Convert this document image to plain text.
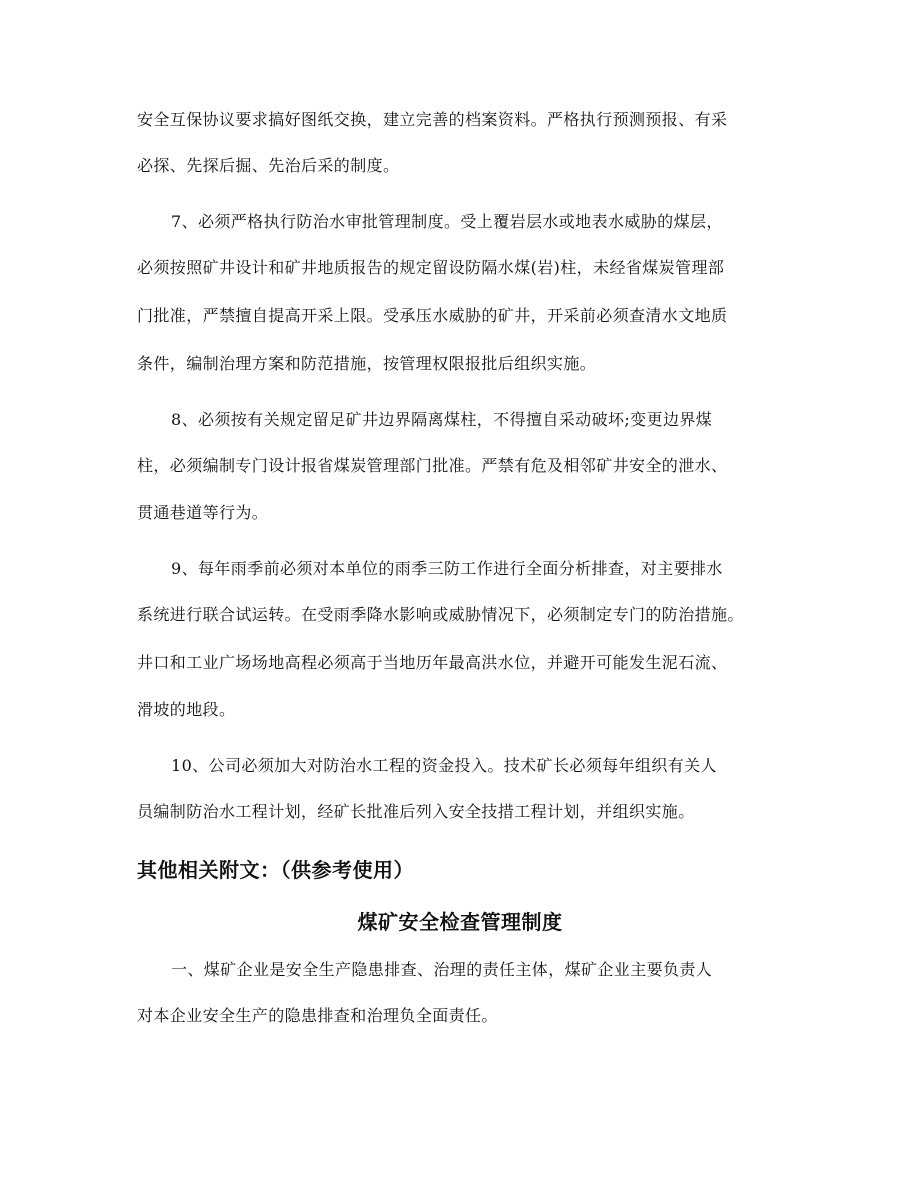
安全互保协议要求搞好图纸交换，建立完善的档案资料。严格执行预测预报、有采
必探、先探后掘、先治后采的制度。
7、必须严格执行防治水审批管理制度。受上覆岩层水或地表水威胁的煤层，
必须按照矿井设计和矿井地质报告的规定留设防隔水煤(岩)柱，未经省煤炭管理部
门批准，严禁擅自提高开采上限。受承压水威胁的矿井，开采前必须查清水文地质
条件，编制治理方案和防范措施，按管理权限报批后组织实施。
8、必须按有关规定留足矿井边界隔离煤柱，不得擅自采动破坏;变更边界煤
柱，必须编制专门设计报省煤炭管理部门批准。严禁有危及相邻矿井安全的泄水、
贯通巷道等行为。
9、每年雨季前必须对本单位的雨季三防工作进行全面分析排查，对主要排水
系统进行联合试运转。在受雨季降水影响或威胁情况下，必须制定专门的防治措施。
井口和工业广场场地高程必须高于当地历年最高洪水位，并避开可能发生泥石流、
滑坡的地段。
10、公司必须加大对防治水工程的资金投入。技术矿长必须每年组织有关人
员编制防治水工程计划，经矿长批准后列入安全技措工程计划，并组织实施。
其他相关附文：（供参考使用）
煤矿安全检查管理制度
一、煤矿企业是安全生产隐患排查、治理的责任主体，煤矿企业主要负责人
对本企业安全生产的隐患排查和治理负全面责任。
